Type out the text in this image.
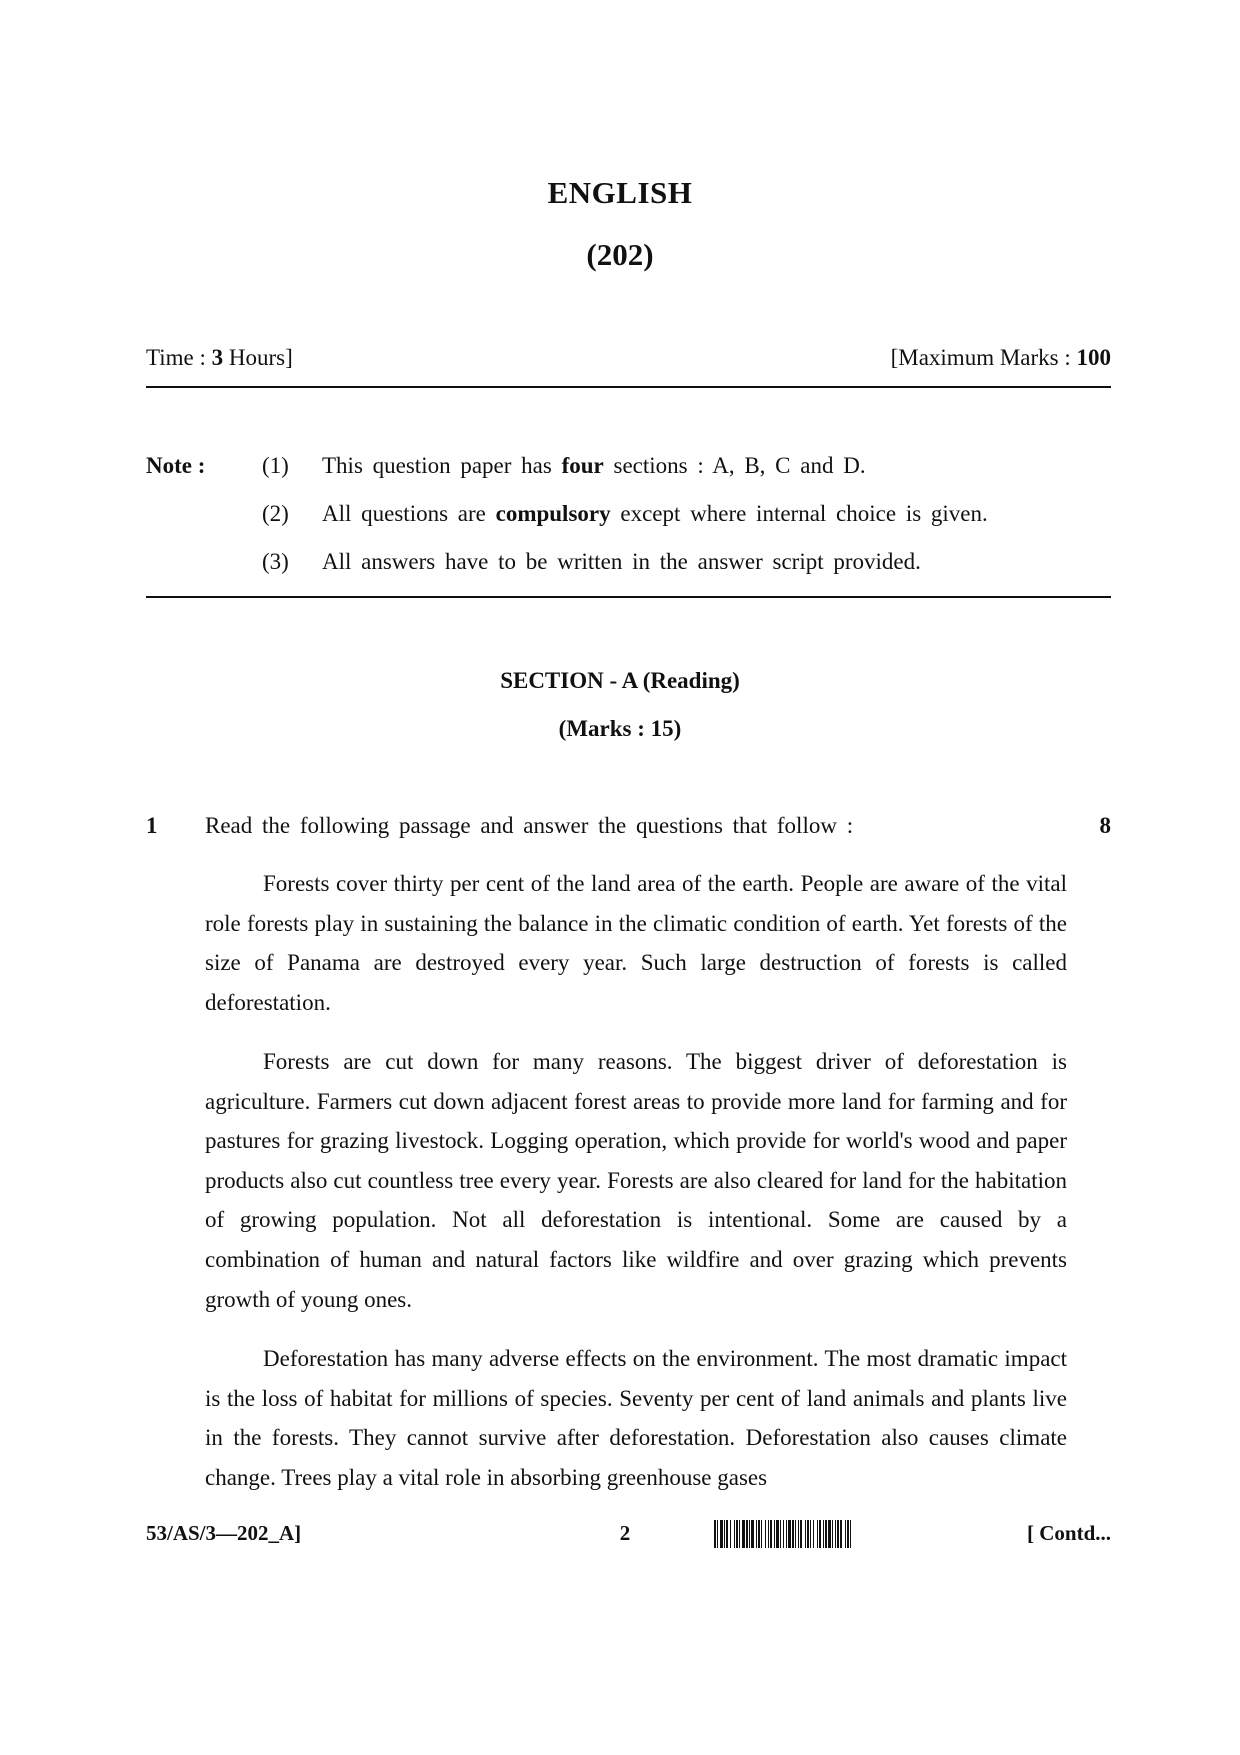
ENGLISH
(202)
Time : 3 Hours]	[Maximum Marks : 100
Note : (1) This question paper has four sections : A, B, C and D.
(2) All questions are compulsory except where internal choice is given.
(3) All answers have to be written in the answer script provided.
SECTION - A (Reading)
(Marks : 15)
1 Read the following passage and answer the questions that follow :	8

Forests cover thirty per cent of the land area of the earth. People are aware of the vital role forests play in sustaining the balance in the climatic condition of earth. Yet forests of the size of Panama are destroyed every year. Such large destruction of forests is called deforestation.

Forests are cut down for many reasons. The biggest driver of deforestation is agriculture. Farmers cut down adjacent forest areas to provide more land for farming and for pastures for grazing livestock. Logging operation, which provide for world's wood and paper products also cut countless tree every year. Forests are also cleared for land for the habitation of growing population. Not all deforestation is intentional. Some are caused by a combination of human and natural factors like wildfire and over grazing which prevents growth of young ones.

Deforestation has many adverse effects on the environment. The most dramatic impact is the loss of habitat for millions of species. Seventy per cent of land animals and plants live in the forests. They cannot survive after deforestation. Deforestation also causes climate change. Trees play a vital role in absorbing greenhouse gases

53/AS/3—202_A]	2	[ Contd...
